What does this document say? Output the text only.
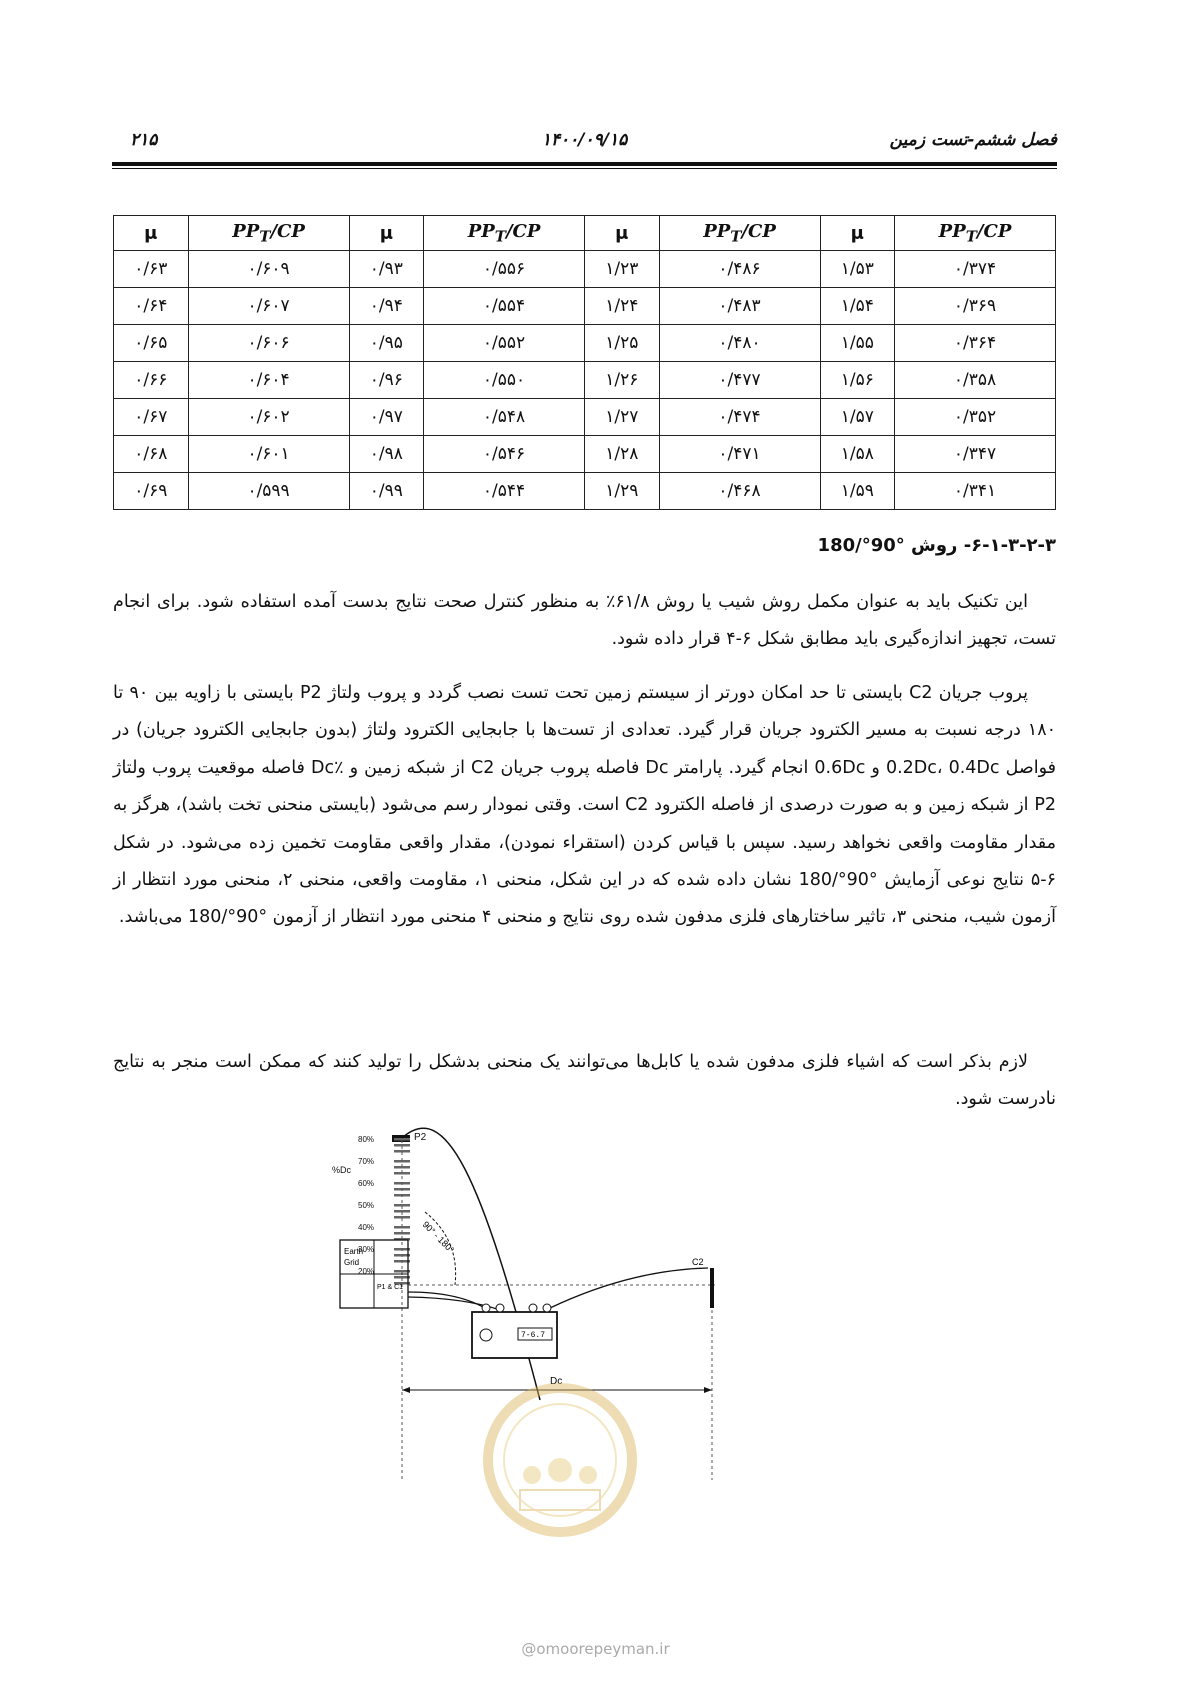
فصل ششم-تست زمین
۱۴۰۰/۰۹/۱۵
۲۱۵
$PP_T/CP$	μ	$PP_T/CP$	μ	$PP_T/CP$	μ	$PP_T/CP$	μ
۰/۳۷۴	۱/۵۳	۰/۴۸۶	۱/۲۳	۰/۵۵۶	۰/۹۳	۰/۶۰۹	۰/۶۳
۰/۳۶۹	۱/۵۴	۰/۴۸۳	۱/۲۴	۰/۵۵۴	۰/۹۴	۰/۶۰۷	۰/۶۴
۰/۳۶۴	۱/۵۵	۰/۴۸۰	۱/۲۵	۰/۵۵۲	۰/۹۵	۰/۶۰۶	۰/۶۵
۰/۳۵۸	۱/۵۶	۰/۴۷۷	۱/۲۶	۰/۵۵۰	۰/۹۶	۰/۶۰۴	۰/۶۶
۰/۳۵۲	۱/۵۷	۰/۴۷۴	۱/۲۷	۰/۵۴۸	۰/۹۷	۰/۶۰۲	۰/۶۷
۰/۳۴۷	۱/۵۸	۰/۴۷۱	۱/۲۸	۰/۵۴۶	۰/۹۸	۰/۶۰۱	۰/۶۸
۰/۳۴۱	۱/۵۹	۰/۴۶۸	۱/۲۹	۰/۵۴۴	۰/۹۹	۰/۵۹۹	۰/۶۹
۶-۱-۳-۲-۳- روش °90°/180

این تکنیک باید به عنوان مکمل روش شیب یا روش ۶۱/۸٪ به منظور کنترل صحت نتایج بدست آمده استفاده شود. برای انجام تست، تجهیز اندازه‌گیری باید مطابق شکل ۶-۴ قرار داده شود.

پروب جریان C2 بایستی تا حد امکان دورتر از سیستم زمین تحت تست نصب گردد و پروب ولتاژ P2 بایستی با زاویه بین ۹۰ تا ۱۸۰ درجه نسبت به مسیر الکترود جریان قرار گیرد. تعدادی از تست‌ها با جابجایی الکترود ولتاژ (بدون جابجایی الکترود جریان) در فواصل 0.2Dc، 0.4Dc و 0.6Dc انجام گیرد. پارامتر Dc فاصله پروب جریان C2 از شبکه زمین و ٪Dc فاصله موقعیت پروب ولتاژ P2 از شبکه زمین و به صورت درصدی از فاصله الکترود C2 است. وقتی نمودار رسم می‌شود (بایستی منحنی تخت باشد)، هرگز به مقدار مقاومت واقعی نخواهد رسید. سپس با قیاس کردن (استقراء نمودن)، مقدار واقعی مقاومت تخمین زده می‌شود. در شکل ۶-۵ نتایج نوعی آزمایش °90°/180 نشان داده شده که در این شکل، منحنی ۱، مقاومت واقعی، منحنی ۲، منحنی مورد انتظار از آزمون شیب، منحنی ۳، تاثیر ساختارهای فلزی مدفون شده روی نتایج و منحنی ۴ منحنی مورد انتظار از آزمون °90°/180 می‌باشد.

لازم بذکر است که اشیاء فلزی مدفون شده یا کابل‌ها می‌توانند یک منحنی بدشکل را تولید کنند که ممکن است منجر به نتایج نادرست شود.

80%
70%
60%
50%
40%
30%
20%
%Dc
P2
Earth
Grid
P1 & C1
90° - 180°
C2
7-6.7
Dc
@omoorepeyman.ir
